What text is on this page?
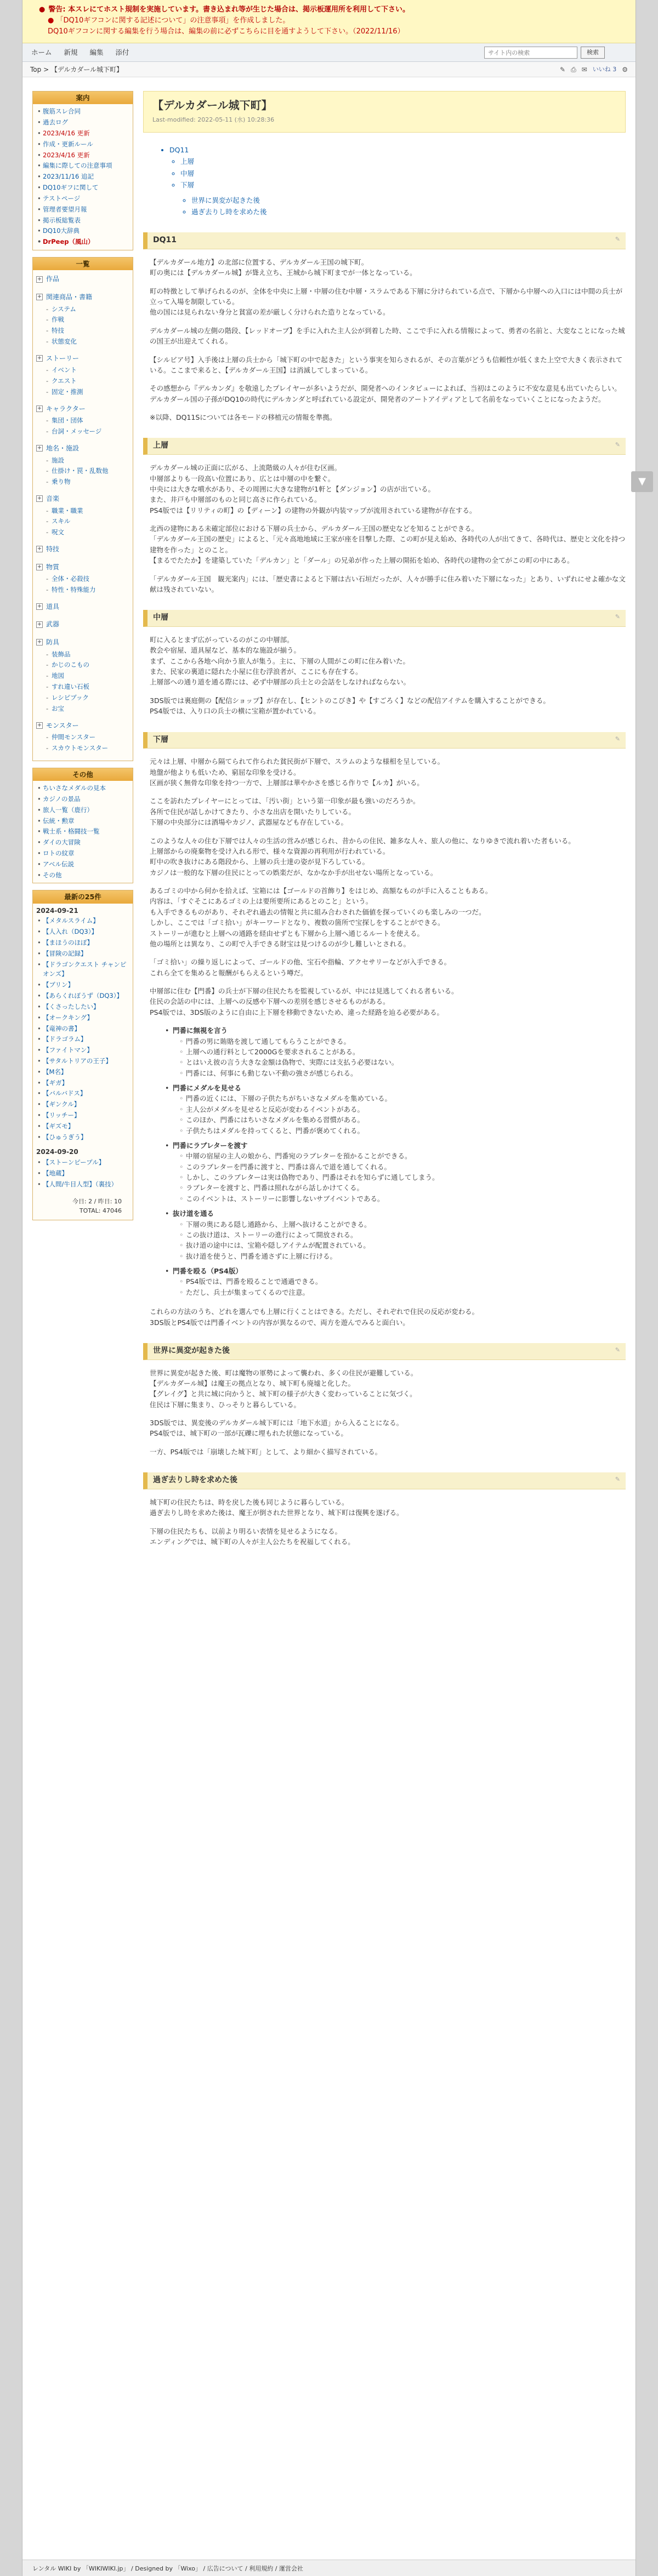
● 警告: 本スレにてホスト規制を実施しています。書き込まれ等が生じた場合は、掲示板運用所を利用して下さい。
● 「DQ10ギフコンに関する記述について」の注意事項」を作成しました。
DQ10ギフコンに関する編集を行う場合は、編集の前に必ずこちらに目を通すようして下さい。（2022/11/16）
ホーム 新規 編集 添付
サイト内の検索	検索
Top > 【デルカダール城下町】	✎ ⎙ ✉ いいね 3 ⚙
案内
• 腹筋スレ合同
• 過去ログ
• 2023/4/16 更新
• 作成・更新ルール
• 2023/4/16 更新
• 編集に際しての注意事項
• 2023/11/16 追記
• DQ10ギフに関して
• テストページ
• 管理者要望月報
• 掲示板総覧表
• DQ10大辞典
• DrPeep（風山）
一覧
+ 作品
+ 関連商品・書籍
- システム
- 作戦
- 特技
- 状態変化
+ ストーリー
- イベント
- クエスト
- 固定・推測
+ キャラクター
- 集団・団体
- 台詞・メッセージ
+ 地名・施設
- 施設
- 仕掛け・罠・乱数他
- 乗り物
+ 音楽
- 職業・職業
- スキル
- 呪文
+ 特技
+ 物質
- 全体・必殺技
- 特性・特殊能力
+ 道具
+ 武器
+ 防具
- 装飾品
- かじのこもの
- 地図
- すれ違い石板
- レシピブック
- お宝
+ モンスター
- 仲間モンスター
- スカウトモンスター
その他
• ちいさなメダルの見本
• カジノの景品
• 旅人一覧（鹿行）
• 伝統・勲章
• 戦士系・格闘技一覧
• ダイの大冒険
• ロトの紋章
• アベル伝説
• その他
最新の25件
2024-09-21
• 【メタルスライム】
• 【人入れ（DQ3）】
• 【まほうのほぼ】
• 【冒険の記録】
• 【ドラゴンクエスト チャンピオンズ】
• 【ブリン】
• 【あらくれぼうず（DQ3）】
• 【くさったしたい】
• 【オークキング】
• 【竜神の書】
• 【ドラゴラム】
• 【ファイトマン】
• 【サタルトリアの王子】
• 【M名】
• 【ギガ】
• 【バルバドス】
• 【ギンクル】
• 【リッチー】
• 【ギズモ】
• 【ひゅうぎう】
2024-09-20
• 【ストーンピープル】
• 【地蔵】
• 【人間/牛目人型】（裏技）
今日: 2 / 昨日: 10
TOTAL: 47046
【デルカダール城下町】
Last-modified: 2022-05-11 (水) 10:28:36
• DQ11
◦ 上層
◦ 中層
◦ 下層
◦ 世界に異変が起きた後
◦ 過ぎ去りし時を求めた後
DQ11	✎

【デルカダール地方】の北部に位置する、デルカダール王国の城下町。
町の奥には【デルカダール城】が聳え立ち、王城から城下町までが一体となっている。

町の特徴として挙げられるのが、全体を中央に上層・中層の住む中層・スラムである下層に分けられている点で、下層から中層への入口には中間の兵士が立って入場を制限している。
他の国には見られない身分と貧富の差が厳しく分けられた造りとなっている。

デルカダール城の左側の階段、【レッドオーブ】を手に入れた主人公が到着した時、ここで手に入れる情報によって、勇者の名前と、大変なことになった城の国王が出迎えてくれる。

【シルビア号】入手後は上層の兵士から「城下町の中で起きた」という事実を知らされるが、その言葉がどうも信頼性が低くまた上空で大きく表示されている。ここまで来ると、【デルカダール王国】は消滅してしまっている。

その感想から『デルカンダ』を敬遠したプレイヤーが多いようだが、開発者へのインタビューによれば、当初はこのように不安な意見も出ていたらしい。
デルカダール国の子孫がDQ10の時代にデルカンダと呼ばれている設定が、開発者のアートアイディアとして名前をなっていくことになったようだ。

※以降、DQ11Sについては各モードの移植元の情報を準拠。

上層	✎

デルカダール城の正面に広がる、上流階級の人々が住む区画。
中層部よりも一段高い位置にあり、広とは中層の中を繋ぐ。
中央には大きな噴水があり、その周囲に大きな建物が1軒と【ダンジョン】の店が出ている。
また、井戸も中層部のものと同じ高さに作られている。
PS4版では【リリティの町】の【ディーン】の建物の外観が内装マップが流用されている建物が存在する。

北西の建物にある未確定部位における下層の兵士から、デルカダール王国の歴史などを知ることができる。
「デルカダール王国の歴史」によると、「元々高地地域に王家が座を目撃した際、この町が見え始め、各時代の人が出てきて、各時代は、歴史と文化を持つ建物を作った」とのこと。
【まるでたたか】を建築していた「デルカン」と「ダール」の兄弟が作った上層の開拓を始め、各時代の建物の全てがこの町の中にある。

「デルカダール王国　観光案内」には、「歴史書によると下層は古い石垣だったが、人々が勝手に住み着いた下層になった」とあり、いずれにせよ確かな文献は残されていない。

中層	✎

町に入るとまず広がっているのがこの中層部。
教会や宿屋、道具屋など、基本的な施設が揃う。
まず、ここから各地へ向かう旅人が集う。主に、下層の人間がこの町に住み着いた。
また、民家の裏道に隠れた小屋に住む浮浪者が、ここにも存在する。
上層部への通り道を通る際には、必ず中層部の兵士との会話をしなければならない。

3DS版では裏庭側の【配信ショップ】が存在し、【ヒントのこびき】や【すごろく】などの配信アイテムを購入することができる。
PS4版では、入り口の兵士の横に宝箱が置かれている。

下層	✎

元々は上層、中層から隔てられて作られた貧民街が下層で、スラムのような様相を呈している。
地盤が他よりも低いため、窮屈な印象を受ける。
区画が狭く無骨な印象を持つ一方で、上層部は華やかさを感じる作りで【ルカ】がいる。

ここを訪れたプレイヤーにとっては、「汚い街」という第一印象が最も強いのだろうか。
各所で住民が話しかけてきたり、小さな出店を開いたりしている。
下層の中央部分には酒場やカジノ、武器屋なども存在している。

このような人々の住む下層では人々の生活の営みが感じられ、昔からの住民、雑多な人々、旅人の他に、なりゆきで流れ着いた者もいる。
上層部からの廃棄物を受け入れる形で、様々な資源の再利用が行われている。
町中の吹き抜けにある階段から、上層の兵士達の姿が見下ろしている。
カジノは一般的な下層の住民にとっての娯楽だが、なかなか手が出せない場所となっている。

あるゴミの中から何かを拾えば、宝箱には【ゴールドの首飾り】をはじめ、高額なものが手に入ることもある。
内容は、「すぐそこにあるゴミの上は要所要所にあるとのこと」という。
も入手できるものがあり、それぞれ過去の情報と共に組み合わされた価値を探っていくのも楽しみの一つだ。
しかし、ここでは「ゴミ拾い」がキーワードとなり、複数の箇所で宝探しをすることができる。
ストーリーが進むと上層への通路を経由せずとも下層から上層へ通じるルートを使える。
他の場所とは異なり、この町で入手できる財宝は見つけるのが少し難しいとされる。

「ゴミ拾い」の繰り返しによって、ゴールドの他、宝石や指輪、アクセサリーなどが入手できる。
これら全てを集めると報酬がもらえるという噂だ。

中層部に住む【門番】の兵士が下層の住民たちを監視しているが、中には見逃してくれる者もいる。
住民の会話の中には、上層への反感や下層への差別を感じさせるものがある。
PS4版では、3DS版のように自由に上下層を移動できないため、違った経路を辿る必要がある。

• 門番に無視を言う
◦ 門番の男に賄賂を渡して通してもらうことができる。
◦ 上層への通行料として2000Gを要求されることがある。
◦ とはいえ彼の言う大きな金額は偽物で、実際には支払う必要はない。
◦ 門番には、何事にも動じない不動の強さが感じられる。
• 門番にメダルを見せる
◦ 門番の近くには、下層の子供たちがちいさなメダルを集めている。
◦ 主人公がメダルを見せると反応が変わるイベントがある。
◦ このほか、門番にはちいさなメダルを集める習慣がある。
◦ 子供たちはメダルを持ってくると、門番が褒めてくれる。
• 門番にラブレターを渡す
◦ 中層の宿屋の主人の娘から、門番宛のラブレターを預かることができる。
◦ このラブレターを門番に渡すと、門番は喜んで道を通してくれる。
◦ しかし、このラブレターは実は偽物であり、門番はそれを知らずに通してしまう。
◦ ラブレターを渡すと、門番は照れながら話しかけてくる。
◦ このイベントは、ストーリーに影響しないサブイベントである。
• 抜け道を通る
◦ 下層の奥にある隠し通路から、上層へ抜けることができる。
◦ この抜け道は、ストーリーの進行によって開放される。
◦ 抜け道の途中には、宝箱や隠しアイテムが配置されている。
◦ 抜け道を使うと、門番を通さずに上層に行ける。
• 門番を殴る（PS4版）
◦ PS4版では、門番を殴ることで通過できる。
◦ ただし、兵士が集まってくるので注意。

これらの方法のうち、どれを選んでも上層に行くことはできる。ただし、それぞれで住民の反応が変わる。
3DS版とPS4版では門番イベントの内容が異なるので、両方を遊んでみると面白い。

世界に異変が起きた後	✎

世界に異変が起きた後、町は魔物の軍勢によって襲われ、多くの住民が避難している。
【デルカダール城】は魔王の拠点となり、城下町も廃墟と化した。
【グレイグ】と共に城に向かうと、城下町の様子が大きく変わっていることに気づく。
住民は下層に集まり、ひっそりと暮らしている。

3DS版では、異変後のデルカダール城下町には「地下水道」から入ることになる。
PS4版では、城下町の一部が瓦礫に埋もれた状態になっている。

一方、PS4版では「崩壊した城下町」として、より細かく描写されている。

過ぎ去りし時を求めた後	✎

城下町の住民たちは、時を戻した後も同じように暮らしている。
過ぎ去りし時を求めた後は、魔王が倒された世界となり、城下町は復興を遂げる。

下層の住民たちも、以前より明るい表情を見せるようになる。
エンディングでは、城下町の人々が主人公たちを祝福してくれる。

▼
レンタル WIKI by 「WIKIWIKI.jp」 / Designed by 「Wixo」 / 広告について / 利用規約 / 運営会社
